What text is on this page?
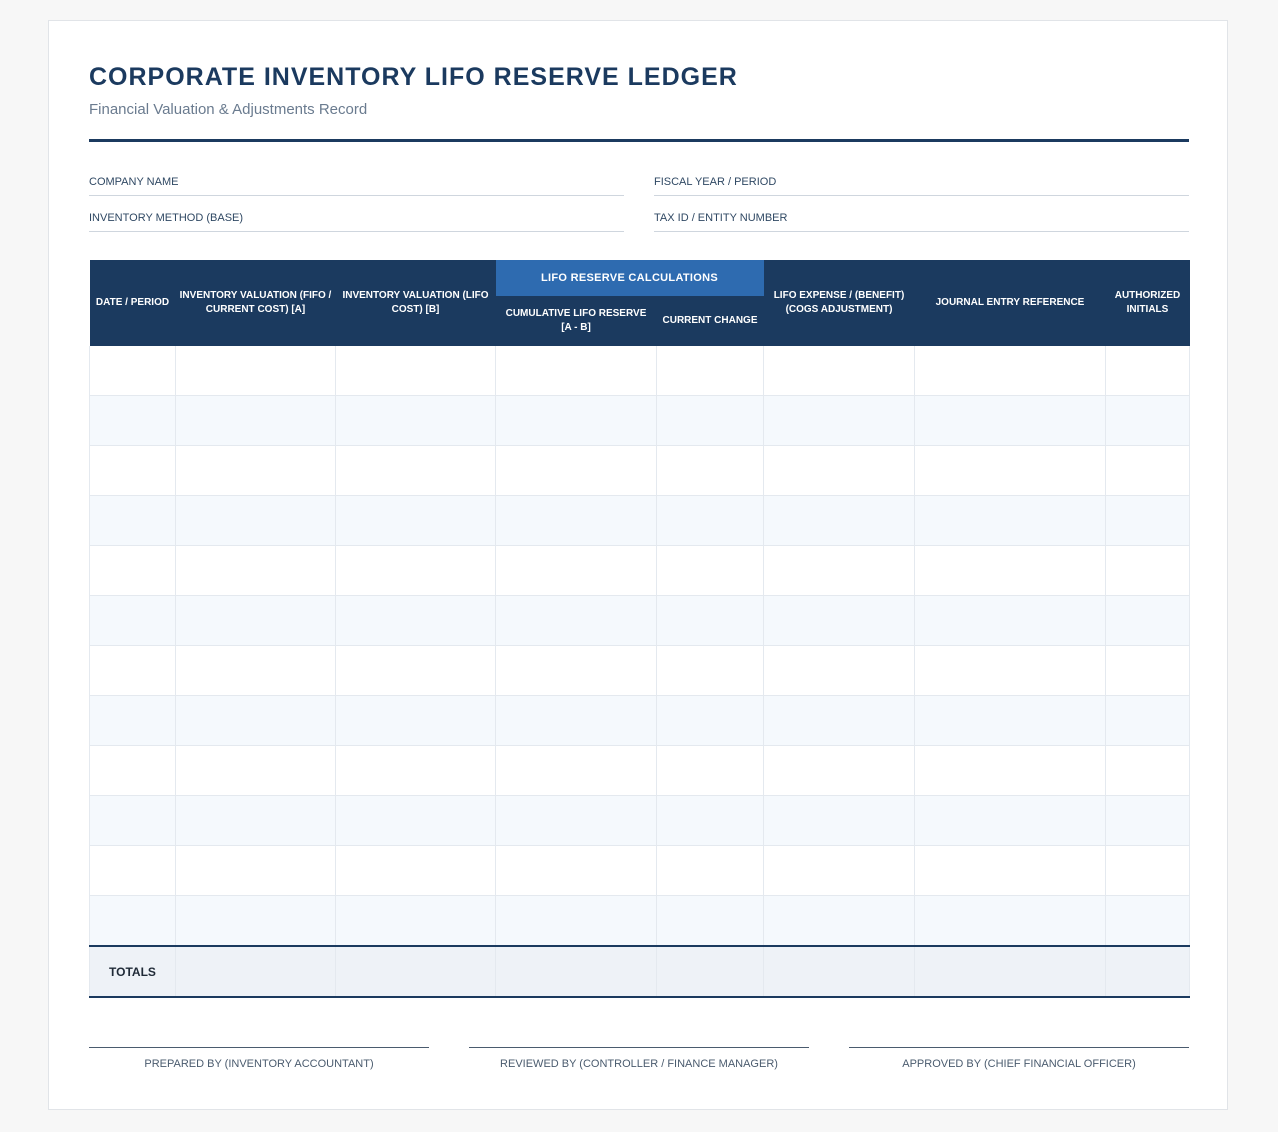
CORPORATE INVENTORY LIFO RESERVE LEDGER
Financial Valuation & Adjustments Record
COMPANY NAME	FISCAL YEAR / PERIOD
INVENTORY METHOD (BASE)	TAX ID / ENTITY NUMBER
DATE / PERIOD	INVENTORY VALUATION (FIFO / CURRENT COST) [A]	INVENTORY VALUATION (LIFO COST) [B]	LIFO RESERVE CALCULATIONS		LIFO EXPENSE / (BENEFIT) (COGS ADJUSTMENT)	JOURNAL ENTRY REFERENCE	AUTHORIZED INITIALS
			CUMULATIVE LIFO RESERVE [A - B]	CURRENT CHANGE			

TOTALS							
PREPARED BY (INVENTORY ACCOUNTANT)	REVIEWED BY (CONTROLLER / FINANCE MANAGER)	APPROVED BY (CHIEF FINANCIAL OFFICER)
